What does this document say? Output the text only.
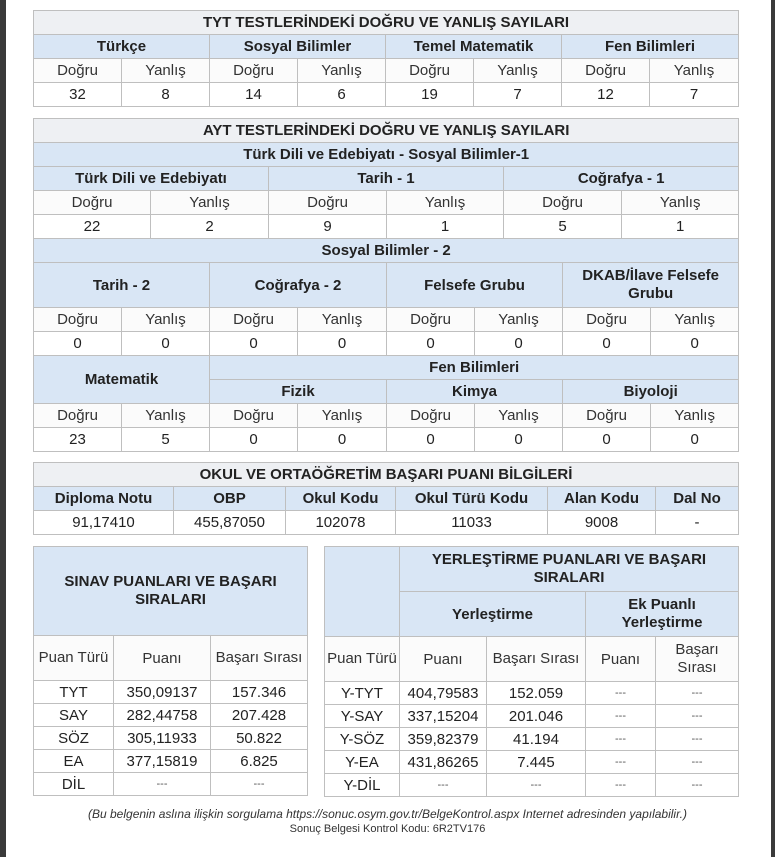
TYT TESTLERİNDEKİ DOĞRU VE YANLIŞ SAYILARI							
Türkçe		Sosyal Bilimler		Temel Matematik		Fen Bilimleri	
Doğru	Yanlış	Doğru	Yanlış	Doğru	Yanlış	Doğru	Yanlış
32	8	14	6	19	7	12	7
AYT TESTLERİNDEKİ DOĞRU VE YANLIŞ SAYILARI											
Türk Dili ve Edebiyatı - Sosyal Bilimler-1											
Türk Dili ve Edebiyatı				Tarih - 1				Coğrafya - 1			
Doğru		Yanlış		Doğru		Yanlış		Doğru		Yanlış	
22		2		9		1		5		1	
Sosyal Bilimler - 2											
Tarih - 2			Coğrafya - 2			Felsefe Grubu			DKAB/İlave Felsefe Grubu		
Doğru	Yanlış		Doğru		Yanlış	Doğru	Yanlış		Doğru		Yanlış
0	0		0		0	0	0		0		0
Matematik			Fen Bilimleri								
			Fizik			Kimya			Biyoloji		
Doğru	Yanlış		Doğru		Yanlış	Doğru	Yanlış		Doğru		Yanlış
23	5		0		0	0	0		0		0
OKUL VE ORTAÖĞRETİM BAŞARI PUANI BİLGİLERİ					
Diploma Notu	OBP	Okul Kodu	Okul Türü Kodu	Alan Kodu	Dal No
91,17410	455,87050	102078	11033	9008	-
SINAV PUANLARI VE BAŞARI SIRALARI		
Puan Türü	Puanı	Başarı Sırası
TYT	350,09137	157.346
SAY	282,44758	207.428
SÖZ	305,11933	50.822
EA	377,15819	6.825
DİL	---	---
	YERLEŞTİRME PUANLARI VE BAŞARI SIRALARI			
	Yerleştirme		Ek Puanlı Yerleştirme	
Puan Türü	Puanı	Başarı Sırası	Puanı	Başarı Sırası
Y-TYT	404,79583	152.059	---	---
Y-SAY	337,15204	201.046	---	---
Y-SÖZ	359,82379	41.194	---	---
Y-EA	431,86265	7.445	---	---
Y-DİL	---	---	---	---
(Bu belgenin aslına ilişkin sorgulama https://sonuc.osym.gov.tr/BelgeKontrol.aspx Internet adresinden yapılabilir.)
Sonuç Belgesi Kontrol Kodu: 6R2TV176
